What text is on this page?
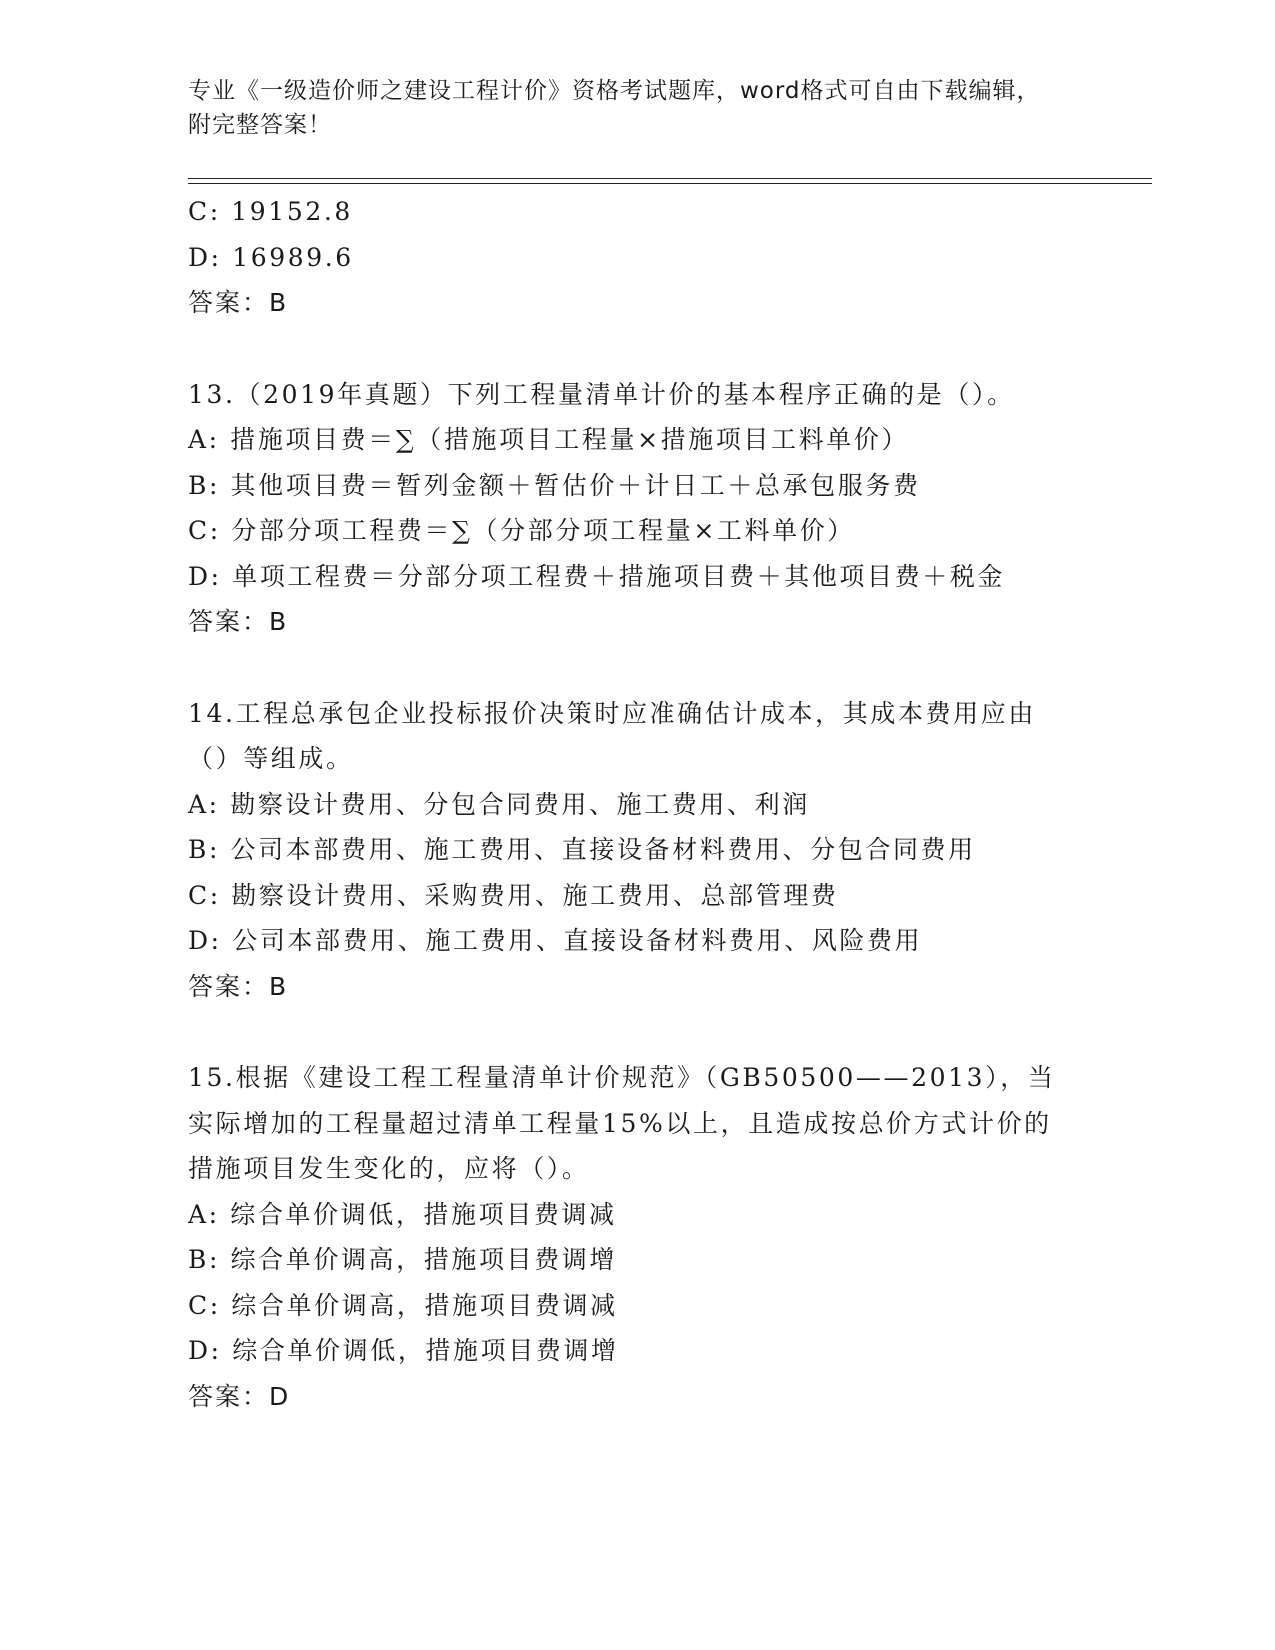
专业《一级造价师之建设工程计价》资格考试题库，word格式可自由下载编辑，
附完整答案！
C: 19152.8
D: 16989.6
答案：B
13.（2019年真题）下列工程量清单计价的基本程序正确的是（）。
A: 措施项目费＝∑（措施项目工程量×措施项目工料单价）
B: 其他项目费＝暂列金额＋暂估价＋计日工＋总承包服务费
C: 分部分项工程费＝∑（分部分项工程量×工料单价）
D: 单项工程费＝分部分项工程费＋措施项目费＋其他项目费＋税金
答案：B
14.工程总承包企业投标报价决策时应准确估计成本，其成本费用应由
（）等组成。
A: 勘察设计费用、分包合同费用、施工费用、利润
B: 公司本部费用、施工费用、直接设备材料费用、分包合同费用
C: 勘察设计费用、采购费用、施工费用、总部管理费
D: 公司本部费用、施工费用、直接设备材料费用、风险费用
答案：B
15.根据《建设工程工程量清单计价规范》（GB50500——2013），当
实际增加的工程量超过清单工程量15%以上，且造成按总价方式计价的
措施项目发生变化的，应将（）。
A: 综合单价调低，措施项目费调减
B: 综合单价调高，措施项目费调增
C: 综合单价调高，措施项目费调减
D: 综合单价调低，措施项目费调增
答案：D
